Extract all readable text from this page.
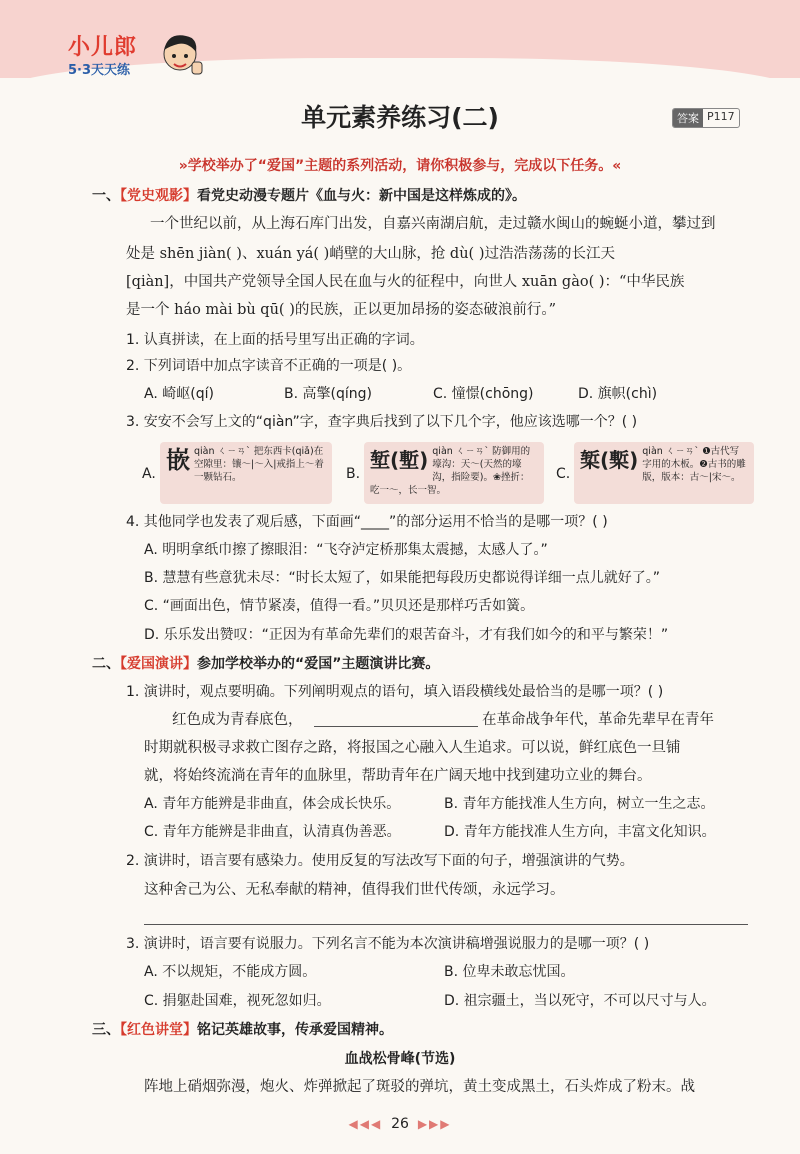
小儿郎
5·3天天练
单元素养练习(二)	答案 P117
»学校举办了“爱国”主题的系列活动，请你积极参与，完成以下任务。«
一、【党史观影】看党史动漫专题片《血与火：新中国是这样炼成的》。
一个世纪以前，从上海石库门出发，自嘉兴南湖启航，走过赣水闽山的蜿蜒小道，攀过到
处是 shēn jiàn( )、xuán yá( )峭壁的大山脉，抢 dù( )过浩浩荡荡的长江天
[qiàn]，中国共产党领导全国人民在血与火的征程中，向世人 xuān gào( )：“中华民族
是一个 háo mài bù qū( )的民族，正以更加昂扬的姿态破浪前行。”
1. 认真拼读，在上面的括号里写出正确的字词。
2. 下列词语中加点字读音不正确的一项是( )。
A. 崎岖(qí)	B. 高擎(qíng)	C. 憧憬(chōng)	D. 旗帜(chì)
3. 安安不会写上文的“qiàn”字，查字典后找到了以下几个字，他应该选哪一个？( )
A. 嵌qiàn ㄑㄧㄢˋ 把东西卡(qiǎ)在空隙里：镶～|～入|戒指上～着一颗钻石。	B.
堑(塹) qiàn ㄑㄧㄢˋ 防御用的壕沟：天～(天然的壕沟，指险要)。❀挫折：吃一～，长一智。
C.
椠(槧) qiàn ㄑㄧㄢˋ ❶古代写字用的木板。❷古书的雕版，版本：古～|宋～。
4. 其他同学也发表了观后感，下面画“____”的部分运用不恰当的是哪一项？( )
A. 明明拿纸巾擦了擦眼泪：“飞夺泸定桥那集太震撼，太感人了。”
B. 慧慧有些意犹未尽：“时长太短了，如果能把每段历史都说得详细一点儿就好了。”
C. “画面出色，情节紧凑，值得一看。”贝贝还是那样巧舌如簧。
D. 乐乐发出赞叹：“正因为有革命先辈们的艰苦奋斗，才有我们如今的和平与繁荣！”
二、【爱国演讲】参加学校举办的“爱国”主题演讲比赛。
1. 演讲时，观点要明确。下列阐明观点的语句，填入语段横线处最恰当的是哪一项？( )
红色成为青春底色，	在革命战争年代，革命先辈早在青年
时期就积极寻求救亡图存之路，将报国之心融入人生追求。可以说，鲜红底色一旦铺
就，将始终流淌在青年的血脉里，帮助青年在广阔天地中找到建功立业的舞台。
A. 青年方能辨是非曲直，体会成长快乐。	B. 青年方能找准人生方向，树立一生之志。
C. 青年方能辨是非曲直，认清真伪善恶。	D. 青年方能找准人生方向，丰富文化知识。
2. 演讲时，语言要有感染力。使用反复的写法改写下面的句子，增强演讲的气势。
这种舍己为公、无私奉献的精神，值得我们世代传颂，永远学习。
3. 演讲时，语言要有说服力。下列名言不能为本次演讲稿增强说服力的是哪一项？( )
A. 不以规矩，不能成方圆。	B. 位卑未敢忘忧国。
C. 捐躯赴国难，视死忽如归。	D. 祖宗疆土，当以死守，不可以尺寸与人。
三、【红色讲堂】铭记英雄故事，传承爱国精神。
血战松骨峰(节选)
阵地上硝烟弥漫，炮火、炸弹掀起了斑驳的弹坑，黄土变成黑土，石头炸成了粉末。战
◀◀◀ 26 ▶▶▶
